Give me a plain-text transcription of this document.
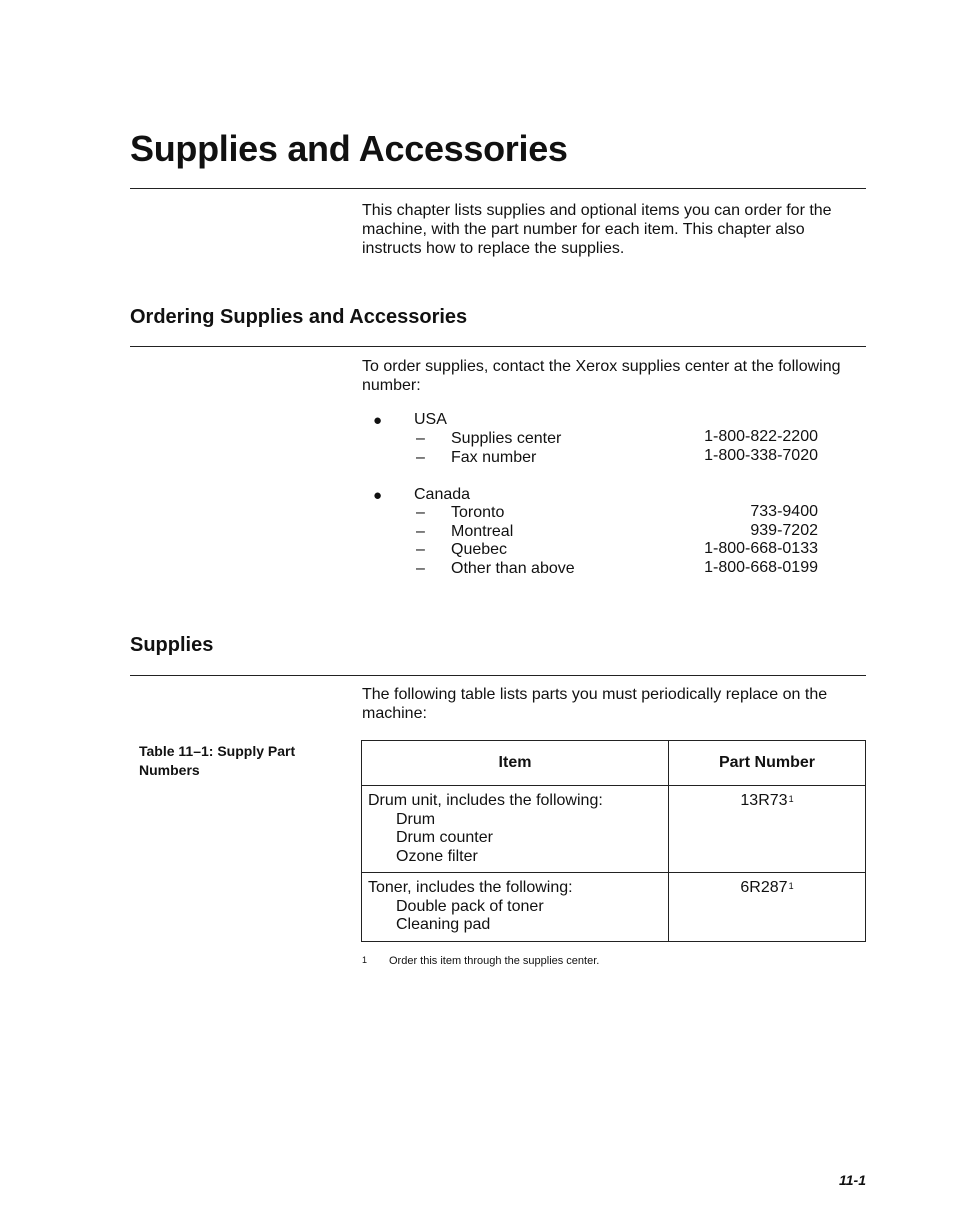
Supplies and Accessories
This chapter lists supplies and optional items you can order for the machine, with the part number for each item. This chapter also instructs how to replace the supplies.
Ordering Supplies and Accessories
To order supplies, contact the Xerox supplies center at the following number:
● USA
– Supplies center	1-800-822-2200
– Fax number	1-800-338-7020
● Canada
– Toronto	733-9400
– Montreal	939-7202
– Quebec	1-800-668-0133
– Other than above	1-800-668-0199
Supplies
The following table lists parts you must periodically replace on the machine:
Table 11–1: Supply Part Numbers	Item	Part Number

Drum unit, includes the following:
Drum
Drum counter
Ozone filter	13R731

Toner, includes the following:
Double pack of toner
Cleaning pad	6R2871
1 Order this item through the supplies center.
11-1
